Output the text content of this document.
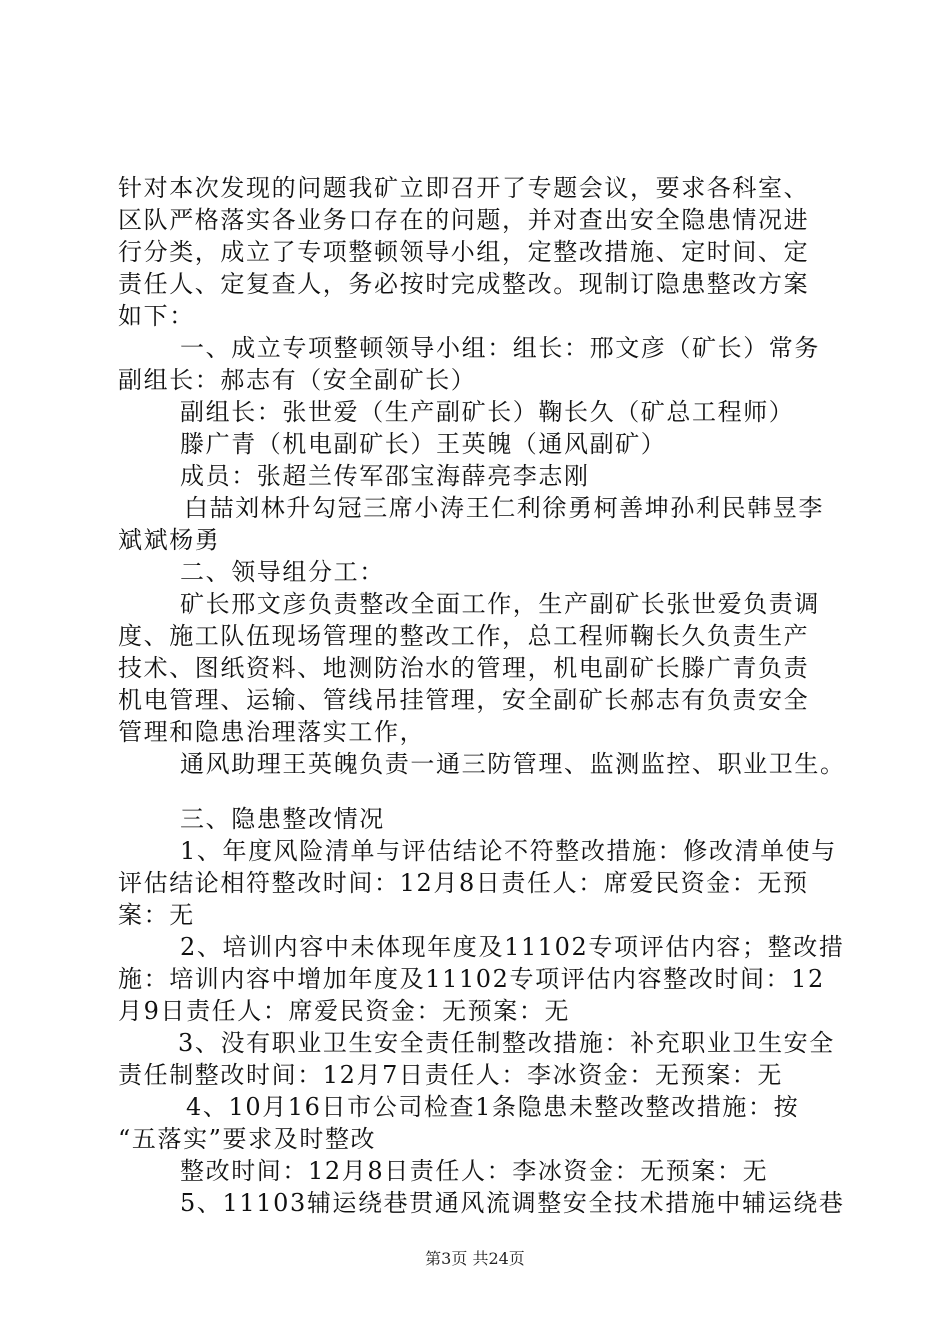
针对本次发现的问题我矿立即召开了专题会议，要求各科室、
区队严格落实各业务口存在的问题，并对查出安全隐患情况进
行分类，成立了专项整顿领导小组，定整改措施、定时间、定
责任人、定复查人，务必按时完成整改。现制订隐患整改方案
如下：
一、成立专项整顿领导小组：组长：邢文彦（矿长）常务
副组长：郝志有（安全副矿长）
副组长：张世爱（生产副矿长）鞠长久（矿总工程师）
滕广青（机电副矿长）王英魄（通风副矿）
成员：张超兰传军邵宝海薛亮李志刚
白喆刘林升勾冠三席小涛王仁利徐勇柯善坤孙利民韩昱李
斌斌杨勇
二、领导组分工：
矿长邢文彦负责整改全面工作，生产副矿长张世爱负责调
度、施工队伍现场管理的整改工作，总工程师鞠长久负责生产
技术、图纸资料、地测防治水的管理，机电副矿长滕广青负责
机电管理、运输、管线吊挂管理，安全副矿长郝志有负责安全
管理和隐患治理落实工作，
通风助理王英魄负责一通三防管理、监测监控、职业卫生。
三、隐患整改情况
1、年度风险清单与评估结论不符整改措施：修改清单使与
评估结论相符整改时间：12月8日责任人：席爱民资金：无预
案：无
2、培训内容中未体现年度及11102专项评估内容；整改措
施：培训内容中增加年度及11102专项评估内容整改时间：12
月9日责任人：席爱民资金：无预案：无
3、没有职业卫生安全责任制整改措施：补充职业卫生安全
责任制整改时间：12月7日责任人：李冰资金：无预案：无
4、10月16日市公司检查1条隐患未整改整改措施：按
“五落实”要求及时整改
整改时间：12月8日责任人：李冰资金：无预案：无
5、11103辅运绕巷贯通风流调整安全技术措施中辅运绕巷
第3页 共24页
